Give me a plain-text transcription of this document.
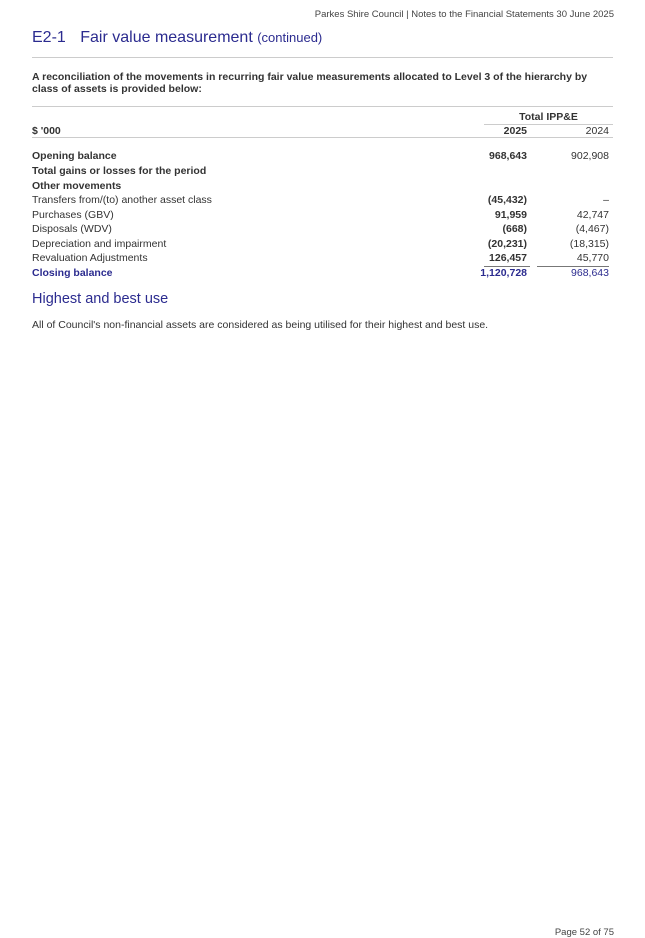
Parkes Shire Council | Notes to the Financial Statements 30 June 2025
E2-1 Fair value measurement (continued)
A reconciliation of the movements in recurring fair value measurements allocated to Level 3 of the hierarchy by class of assets is provided below:
Total IPP&E
$ '000	2025	2024
Opening balance	968,643	902,908
Total gains or losses for the period
Other movements
Transfers from/(to) another asset class	(45,432)	–
Purchases (GBV)	91,959	42,747
Disposals (WDV)	(668)	(4,467)
Depreciation and impairment	(20,231)	(18,315)
Revaluation Adjustments	126,457	45,770
Closing balance	1,120,728	968,643
Highest and best use
All of Council's non-financial assets are considered as being utilised for their highest and best use.
Page 52 of 75
